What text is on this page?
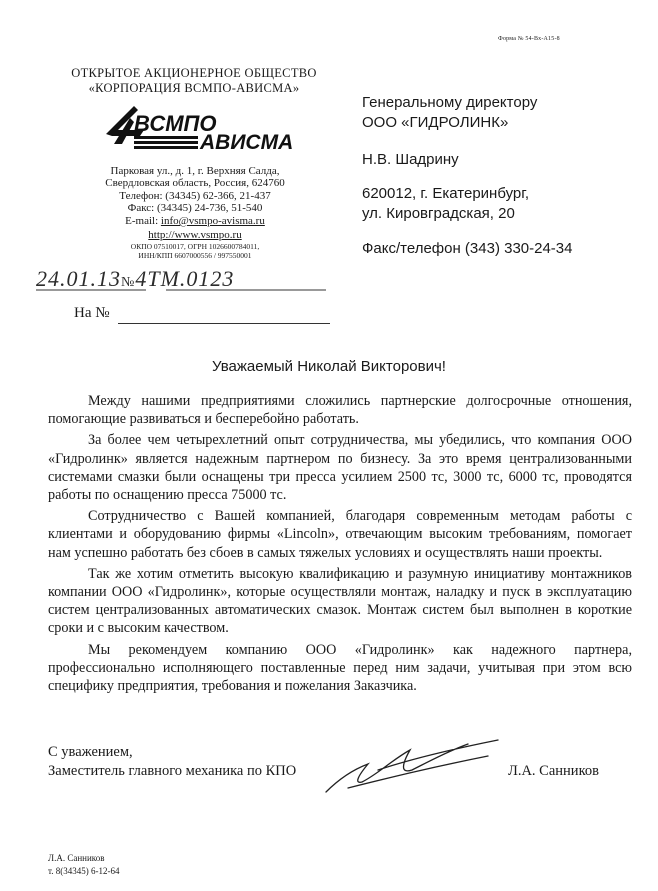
Форма № 54-Вх-А15-8
ОТКРЫТОЕ АКЦИОНЕРНОЕ ОБЩЕСТВО
«КОРПОРАЦИЯ ВСМПО-АВИСМА»
ВСМПО
АВИСМА
Парковая ул., д. 1, г. Верхняя Салда,
Свердловская область, Россия, 624760
Телефон: (34345) 62-366, 21-437
Факс: (34345) 24-736, 51-540
E-mail: info@vsmpo-avisma.ru
http://www.vsmpo.ru
ОКПО 07510017, ОГРН 1026600784011,
ИНН/КПП 6607000556 / 997550001
24.01.13№4ТМ.0123
На №
Генеральному директору
ООО «ГИДРОЛИНК»
Н.В. Шадрину
620012, г. Екатеринбург,
ул. Кировградская, 20
Факс/телефон (343) 330-24-34
Уважаемый Николай Викторович!

Между нашими предприятиями сложились партнерские долгосрочные отношения, помогающие развиваться и бесперебойно работать.

За более чем четырехлетний опыт сотрудничества, мы убедились, что компания ООО «Гидролинк» является надежным партнером по бизнесу. За это время централизованными системами смазки были оснащены три пресса усилием 2500 тс, 3000 тс, 6000 тс, проводятся работы по оснащению пресса 75000 тс.

Сотрудничество с Вашей компанией, благодаря современным методам работы с клиентами и оборудованию фирмы «Lincoln», отвечающим высоким требованиям, помогает нам успешно работать без сбоев в самых тяжелых условиях и осуществлять наши проекты.

Так же хотим отметить высокую квалификацию и разумную инициативу монтажников компании ООО «Гидролинк», которые осуществляли монтаж, наладку и пуск в эксплуатацию систем централизованных автоматических смазок. Монтаж систем был выполнен в короткие сроки и с высоким качеством.

Мы рекомендуем компанию ООО «Гидролинк» как надежного партнера, профессионально исполняющего поставленные перед ним задачи, учитывая при этом всю специфику предприятия, требования и пожелания Заказчика.

С уважением,
Заместитель главного механика по КПО	Л.А. Санников
Л.А. Санников
т. 8(34345) 6-12-64
